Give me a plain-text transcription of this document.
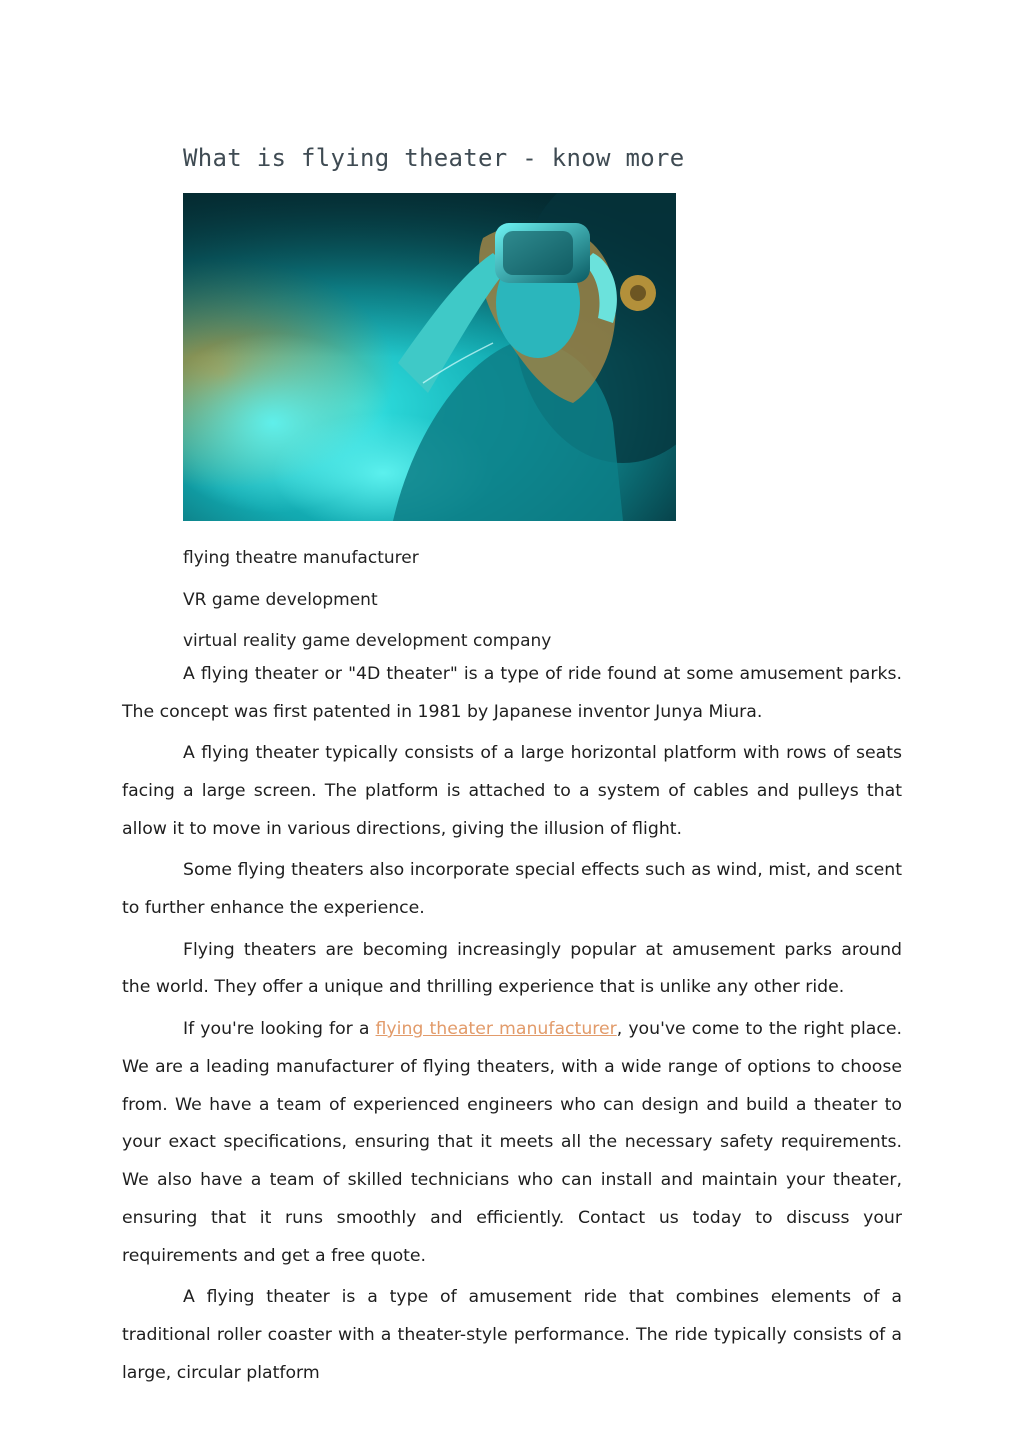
What is flying theater - know more
flying theatre manufacturer
VR game development
virtual reality game development company

A flying theater or "4D theater" is a type of ride found at some amusement parks. The concept was first patented in 1981 by Japanese inventor Junya Miura.

A flying theater typically consists of a large horizontal platform with rows of seats facing a large screen. The platform is attached to a system of cables and pulleys that allow it to move in various directions, giving the illusion of flight.

Some flying theaters also incorporate special effects such as wind, mist, and scent to further enhance the experience.

Flying theaters are becoming increasingly popular at amusement parks around the world. They offer a unique and thrilling experience that is unlike any other ride.

If you're looking for a flying theater manufacturer, you've come to the right place. We are a leading manufacturer of flying theaters, with a wide range of options to choose from. We have a team of experienced engineers who can design and build a theater to your exact specifications, ensuring that it meets all the necessary safety requirements. We also have a team of skilled technicians who can install and maintain your theater, ensuring that it runs smoothly and efficiently. Contact us today to discuss your requirements and get a free quote.

A flying theater is a type of amusement ride that combines elements of a traditional roller coaster with a theater-style performance. The ride typically consists of a large, circular platform
